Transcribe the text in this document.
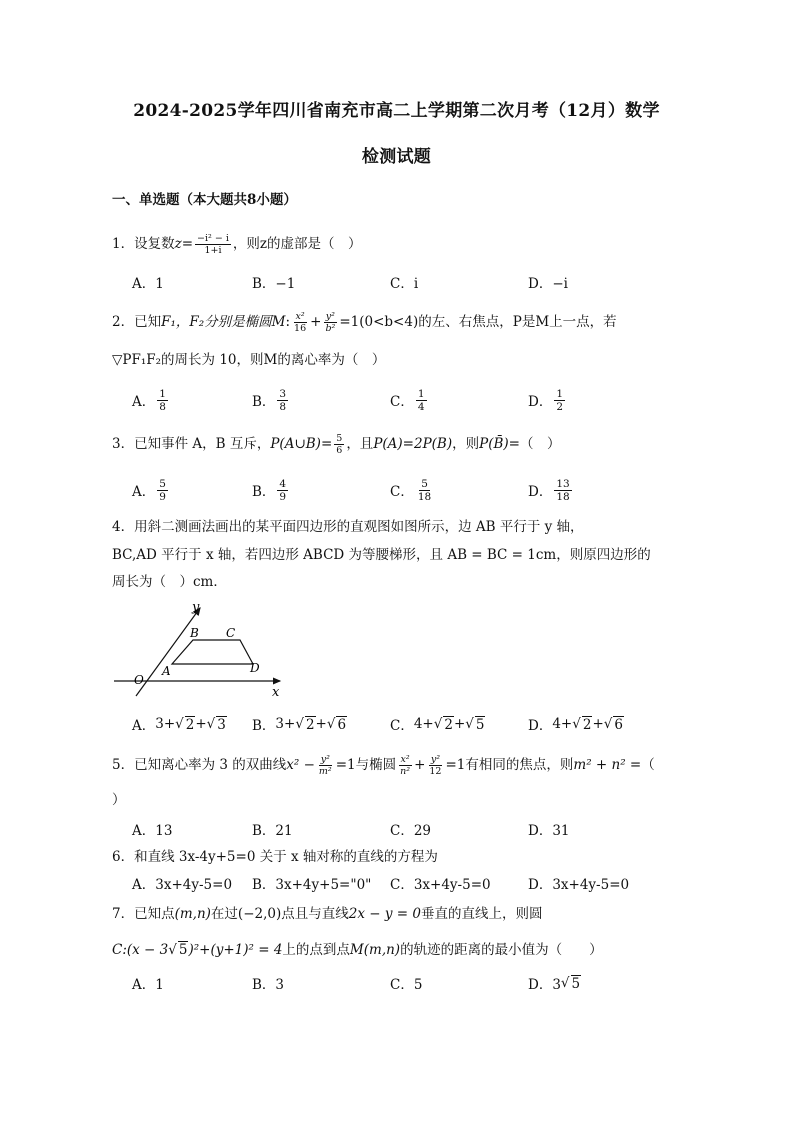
2024-2025学年四川省南充市高二上学期第二次月考（12月）数学
检测试题
一、单选题（本大题共8小题）
1．设复数$z= \frac{\text{−i² − i}}{1+i}$ ，则z的虚部是（　）
A．1	B．−1	C．i	D．−i
2．已知F₁，F₂分别是椭圆M: $\frac{\text{x²}}{16} + \frac{\text{y²}}{\text{b²}} =1(0<b<4)$的左、右焦点，P是M上一点，若
▽PF₁F₂的周长为 10，则M的离心率为（　）
A． $\frac{1}{8}$	B． $\frac{3}{8}$	C． $\frac{1}{4}$	D． $\frac{1}{2}$
3．已知事件 A，B 互斥，P(A∪B)= $\frac{5}{6}$ ，且P(A)=2P(B)，则P(B̄)=（　）
A． $\frac{5}{9}$	B． $\frac{4}{9}$	C． $\frac{5}{18}$	D． $\frac{13}{18}$
4．用斜二测画法画出的某平面四边形的直观图如图所示，边 AB 平行于 y 轴，
BC,AD 平行于 x 轴，若四边形 ABCD 为等腰梯形，且 AB = BC = 1cm，则原四边形的
周长为（　）cm．
y
x
O
A
B C
D
A． 3+ √ 2 + √ 3 B． 3+ √ 2 + √ 6	C． 4+ √ 2 + √ 5	D． 4+ √ 2 + √ 6
5．已知离心率为 3 的双曲线$x^2 - \frac{\text{y²}}{\text{m²}} =1$与椭圆 $\frac{\text{x²}}{\text{n²}} + \frac{\text{y²}}{12} =1$有相同的焦点，则m² + n² =（
）
A．13	B．21	C．29	D．31
6．和直线 3x-4y+5=0 关于 x 轴对称的直线的方程为
A．3x+4y-5=0 B．3x+4y+5="0" C．3x+4y-5=0	D．3x+4y-5=0
7．已知点(m,n)在过(−2,0)点且与直线2x − y = 0垂直的直线上，则圆
C:(x − 3√ 5)²+(y+1)² = 4上的点到点M(m,n)的轨迹的距离的最小值为（　　）
A．1	B．3	C．5	D．3 √ 5
